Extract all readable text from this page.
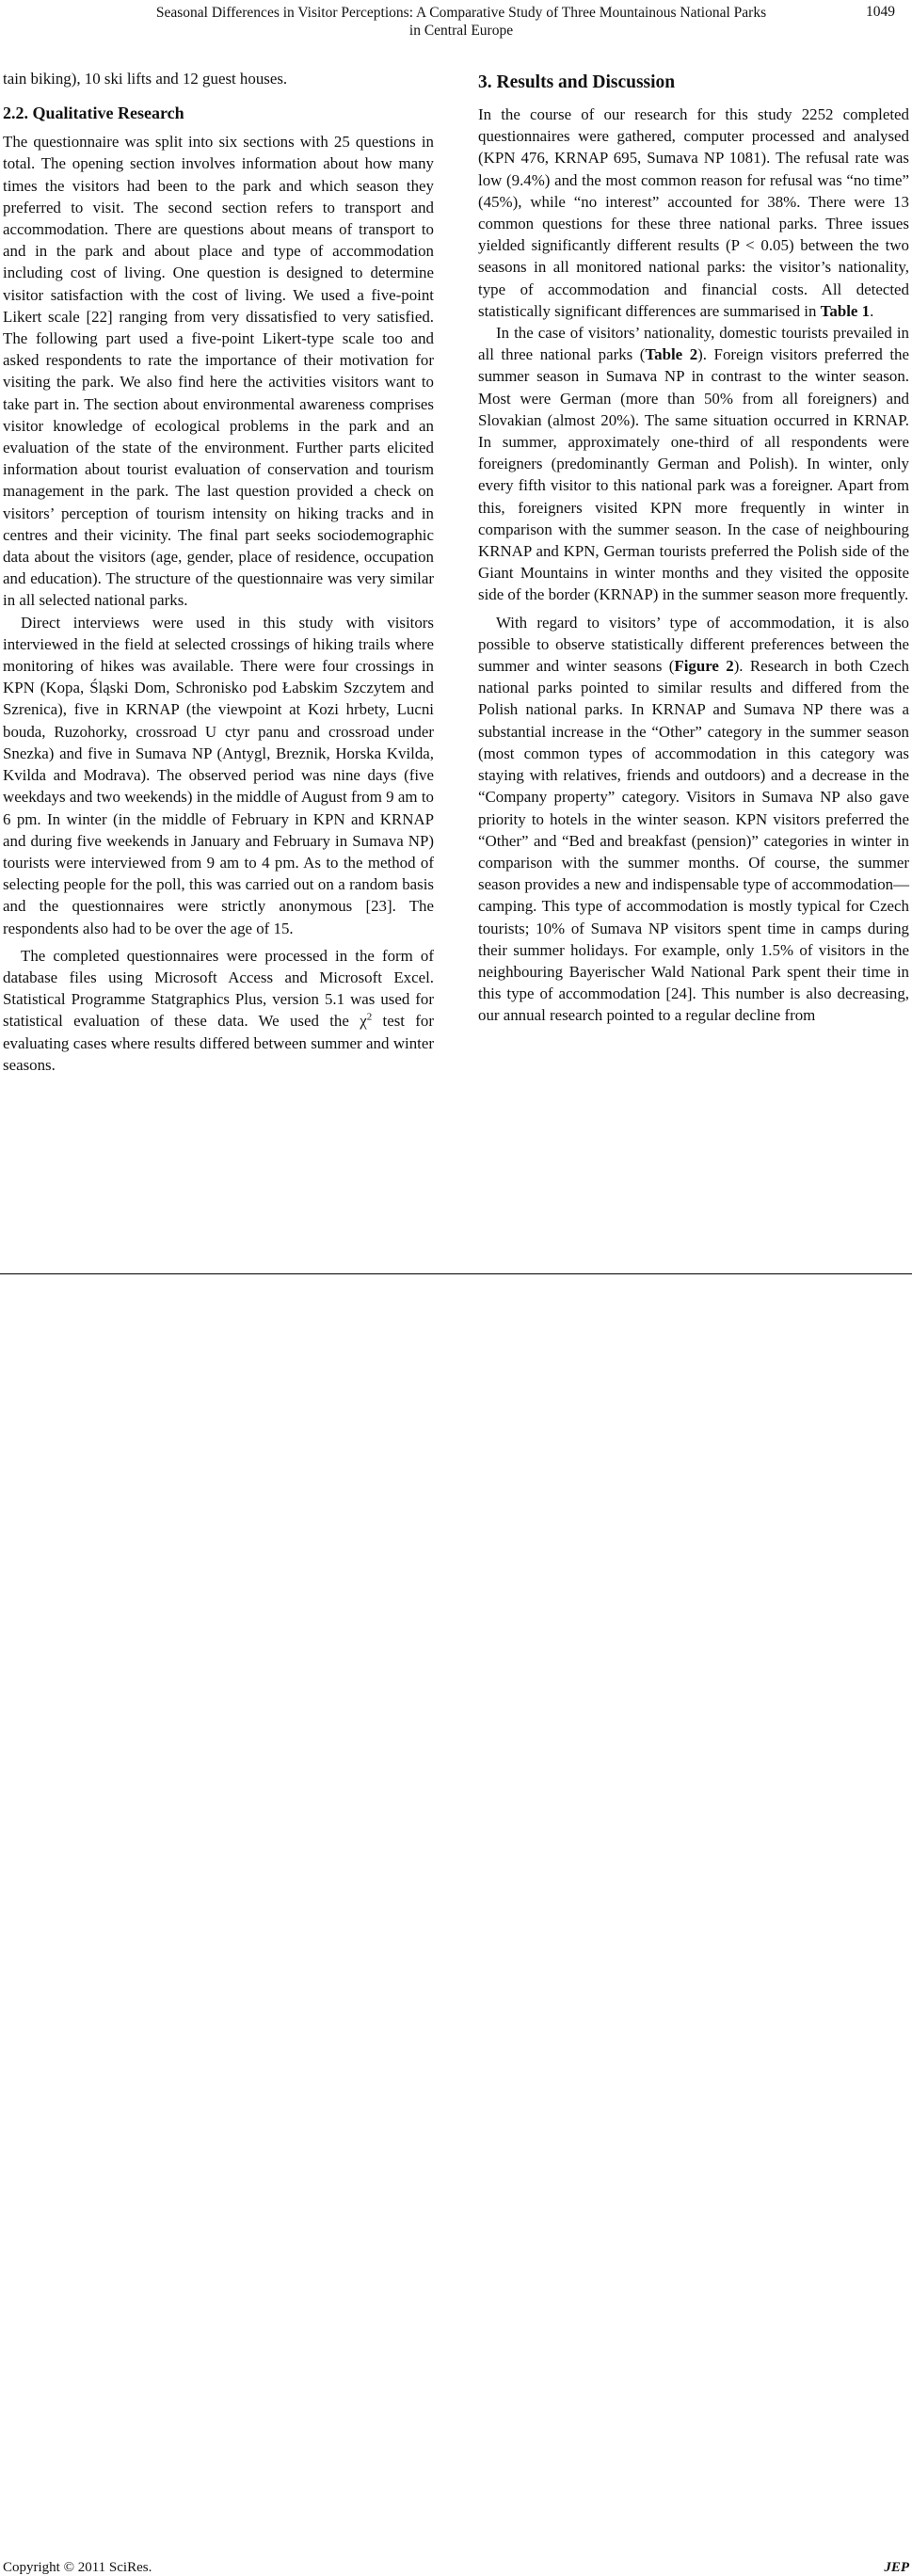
Seasonal Differences in Visitor Perceptions: A Comparative Study of Three Mountainous National Parks
in Central Europe
1049

tain biking), 10 ski lifts and 12 guest houses.

2.2. Qualitative Research

The questionnaire was split into six sections with 25 questions in total. The opening section involves information about how many times the visitors had been to the park and which season they preferred to visit. The second section refers to transport and accommodation. There are questions about means of transport to and in the park and about place and type of accommodation including cost of living. One question is designed to determine visitor satisfaction with the cost of living. We used a five-point Likert scale [22] ranging from very dissatisfied to very satisfied. The following part used a five-point Likert-type scale too and asked respondents to rate the importance of their motivation for visiting the park. We also find here the activities visitors want to take part in. The section about environmental awareness comprises visitor knowledge of ecological problems in the park and an evaluation of the state of the environment. Further parts elicited information about tourist evaluation of conservation and tourism management in the park. The last question provided a check on visitors’ perception of tourism intensity on hiking tracks and in centres and their vicinity. The final part seeks sociodemographic data about the visitors (age, gender, place of residence, occupation and education). The structure of the questionnaire was very similar in all selected national parks.

Direct interviews were used in this study with visitors interviewed in the field at selected crossings of hiking trails where monitoring of hikes was available. There were four crossings in KPN (Kopa, Śląski Dom, Schronisko pod Łabskim Szczytem and Szrenica), five in KRNAP (the viewpoint at Kozi hrbety, Lucni bouda, Ruzohorky, crossroad U ctyr panu and crossroad under Snezka) and five in Sumava NP (Antygl, Breznik, Horska Kvilda, Kvilda and Modrava). The observed period was nine days (five weekdays and two weekends) in the middle of August from 9 am to 6 pm. In winter (in the middle of February in KPN and KRNAP and during five weekends in January and February in Sumava NP) tourists were interviewed from 9 am to 4 pm. As to the method of selecting people for the poll, this was carried out on a random basis and the questionnaires were strictly anonymous [23]. The respondents also had to be over the age of 15.

The completed questionnaires were processed in the form of database files using Microsoft Access and Microsoft Excel. Statistical Programme Statgraphics Plus, version 5.1 was used for statistical evaluation of these data. We used the $\chi^2$ test for evaluating cases where results differed between summer and winter seasons.

3. Results and Discussion

In the course of our research for this study 2252 completed questionnaires were gathered, computer processed and analysed (KPN 476, KRNAP 695, Sumava NP 1081). The refusal rate was low (9.4%) and the most common reason for refusal was “no time” (45%), while “no interest” accounted for 38%. There were 13 common questions for these three national parks. Three issues yielded significantly different results (P < 0.05) between the two seasons in all monitored national parks: the visitor’s nationality, type of accommodation and financial costs. All detected statistically significant differences are summarised in Table 1.

In the case of visitors’ nationality, domestic tourists prevailed in all three national parks (Table 2). Foreign visitors preferred the summer season in Sumava NP in contrast to the winter season. Most were German (more than 50% from all foreigners) and Slovakian (almost 20%). The same situation occurred in KRNAP. In summer, approximately one-third of all respondents were foreigners (predominantly German and Polish). In winter, only every fifth visitor to this national park was a foreigner. Apart from this, foreigners visited KPN more frequently in winter in comparison with the summer season. In the case of neighbouring KRNAP and KPN, German tourists preferred the Polish side of the Giant Mountains in winter months and they visited the opposite side of the border (KRNAP) in the summer season more frequently.

With regard to visitors’ type of accommodation, it is also possible to observe statistically different preferences between the summer and winter seasons (Figure 2). Research in both Czech national parks pointed to similar results and differed from the Polish national parks. In KRNAP and Sumava NP there was a substantial increase in the “Other” category in the summer season (most common types of accommodation in this category was staying with relatives, friends and outdoors) and a decrease in the “Company property” category. Visitors in Sumava NP also gave priority to hotels in the winter season. KPN visitors preferred the “Other” and “Bed and breakfast (pension)” categories in winter in comparison with the summer months. Of course, the summer season provides a new and indispensable type of accommodation—camping. This type of accommodation is mostly typical for Czech tourists; 10% of Sumava NP visitors spent time in camps during their summer holidays. For example, only 1.5% of visitors in the neighbouring Bayerischer Wald National Park spent their time in this type of accommodation [24]. This number is also decreasing, our annual research pointed to a regular decline from

Copyright © 2011 SciRes.	JEP
